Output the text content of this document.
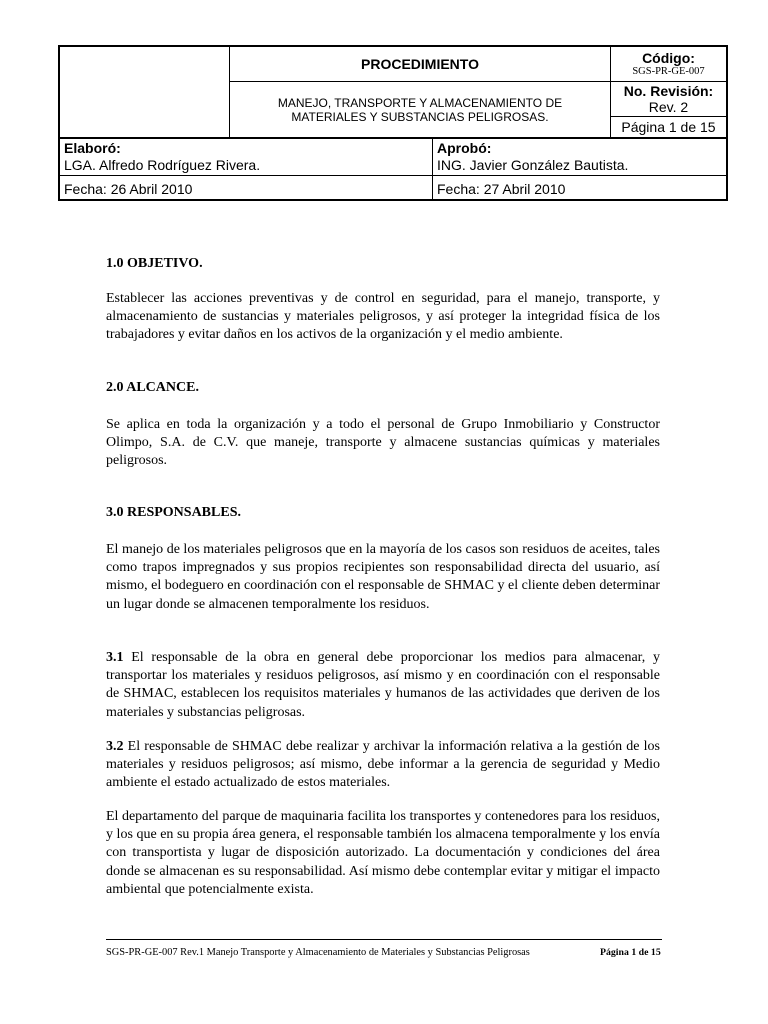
PROCEDIMIENTO
MANEJO, TRANSPORTE Y ALMACENAMIENTO DE
MATERIALES Y SUBSTANCIAS PELIGROSAS.
Código:
SGS-PR-GE-007
No. Revisión:
Rev. 2
Página 1 de 15
Elaboró:
LGA. Alfredo Rodríguez Rivera.
Aprobó:
ING. Javier González Bautista.
Fecha: 26 Abril 2010	Fecha: 27 Abril 2010
1.0 OBJETIVO.

Establecer las acciones preventivas y de control en seguridad, para el manejo, transporte, y almacenamiento de sustancias y materiales peligrosos, y así proteger la integridad física de los trabajadores y evitar daños en los activos de la organización y el medio ambiente.

2.0 ALCANCE.

Se aplica en toda la organización y a todo el personal de Grupo Inmobiliario y Constructor Olimpo, S.A. de C.V. que maneje, transporte y almacene sustancias químicas y materiales peligrosos.

3.0 RESPONSABLES.

El manejo de los materiales peligrosos que en la mayoría de los casos son residuos de aceites, tales como trapos impregnados y sus propios recipientes son responsabilidad directa del usuario, así mismo, el bodeguero en coordinación con el responsable de SHMAC y el cliente deben determinar un lugar donde se almacenen temporalmente los residuos.

3.1 El responsable de la obra en general debe proporcionar los medios para almacenar, y transportar los materiales y residuos peligrosos, así mismo y en coordinación con el responsable de SHMAC, establecen los requisitos materiales y humanos de las actividades que deriven de los materiales y substancias peligrosas.

3.2 El responsable de SHMAC debe realizar y archivar la información relativa a la gestión de los materiales y residuos peligrosos; así mismo, debe informar a la gerencia de seguridad y Medio ambiente el estado actualizado de estos materiales.

El departamento del parque de maquinaria facilita los transportes y contenedores para los residuos, y los que en su propia área genera, el responsable también los almacena temporalmente y los envía con transportista y lugar de disposición autorizado. La documentación y condiciones del área donde se almacenan es su responsabilidad. Así mismo debe contemplar evitar y mitigar el impacto ambiental que potencialmente exista.

SGS-PR-GE-007 Rev.1 Manejo Transporte y Almacenamiento de Materiales y Substancias Peligrosas	Página 1 de 15
